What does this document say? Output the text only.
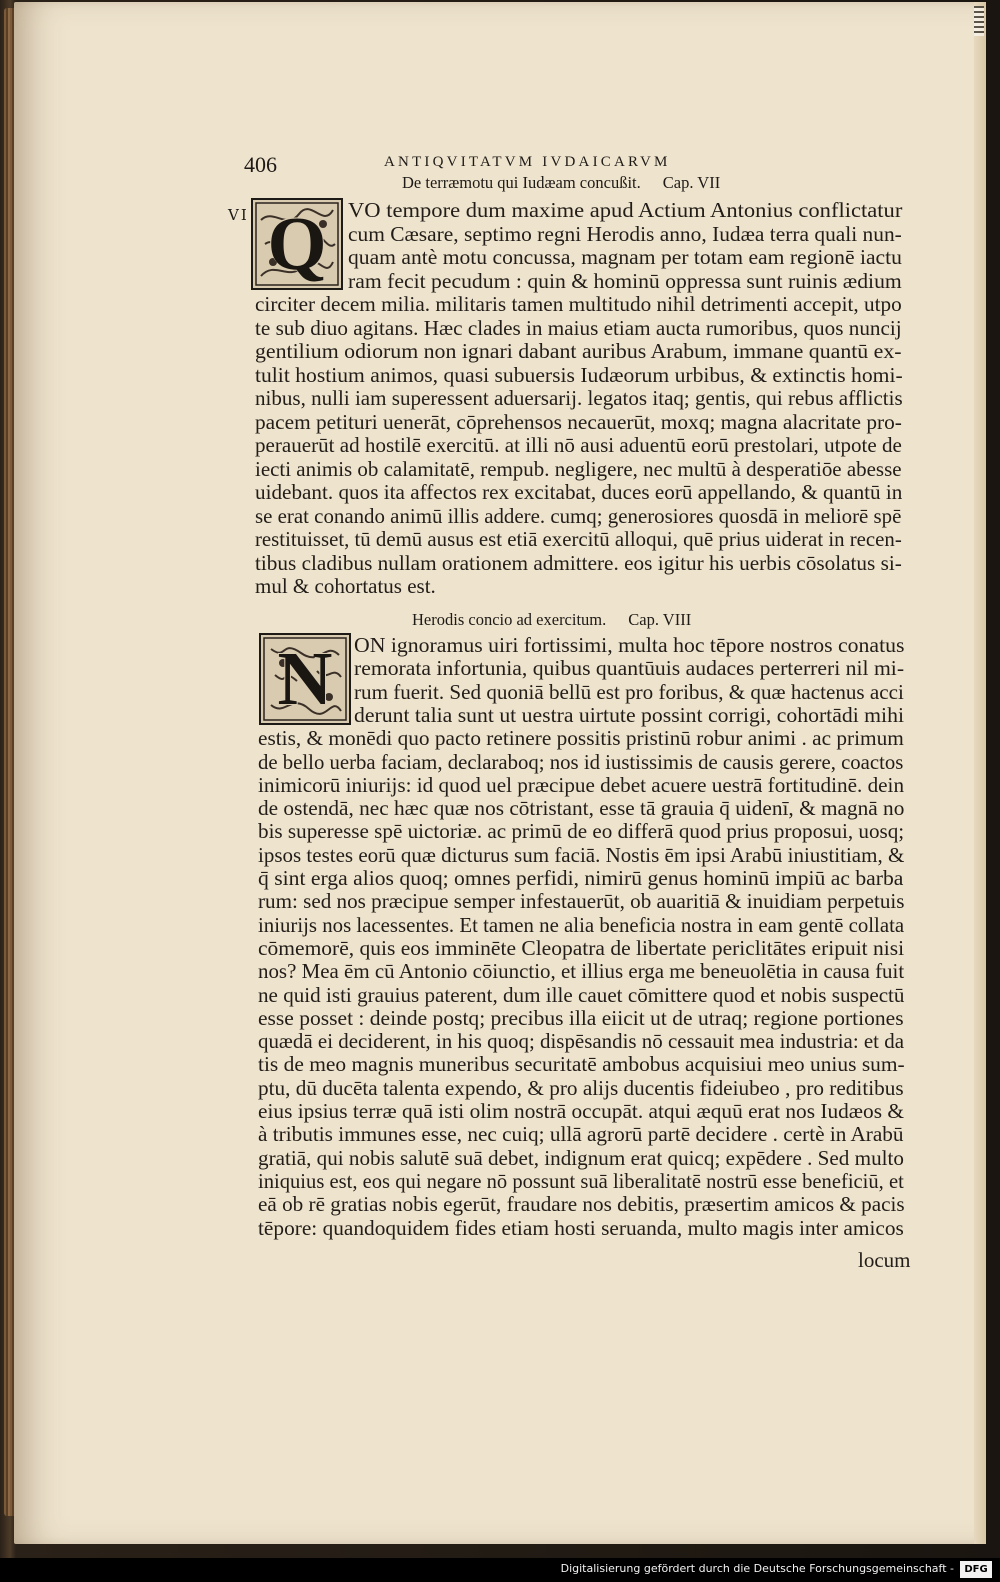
406	ANTIQVITATVM IVDAICARVM
De terræmotu qui Iudæam concußit. Cap. VII
VI Q VO tempore dum maxime apud Actium Antonius conflictatur
cum Cæsare, septimo regni Herodis anno, Iudæa terra quali nun-
quam antè motu concussa, magnam per totam eam regionē iactu
ram fecit pecudum : quin & hominū oppressa sunt ruinis ædium
circiter decem milia. militaris tamen multitudo nihil detrimenti accepit, utpo
te sub diuo agitans. Hæc clades in maius etiam aucta rumoribus, quos nuncij
gentilium odiorum non ignari dabant auribus Arabum, immane quantū ex-
tulit hostium animos, quasi subuersis Iudæorum urbibus, & extinctis homi-
nibus, nulli iam superessent aduersarij. legatos itaq; gentis, qui rebus afflictis
pacem petituri uenerāt, cōprehensos necauerūt, moxq; magna alacritate pro-
perauerūt ad hostilē exercitū. at illi nō ausi aduentū eorū prestolari, utpote de
iecti animis ob calamitatē, rempub. negligere, nec multū à desperatiōe abesse
uidebant. quos ita affectos rex excitabat, duces eorū appellando, & quantū in
se erat conando animū illis addere. cumq; generosiores quosdā in meliorē spē
restituisset, tū demū ausus est etiā exercitū alloqui, quē prius uiderat in recen-
tibus cladibus nullam orationem admittere. eos igitur his uerbis cōsolatus si-
mul & cohortatus est.
Herodis concio ad exercitum. Cap. VIII
N ON ignoramus uiri fortissimi, multa hoc tēpore nostros conatus
remorata infortunia, quibus quantūuis audaces perterreri nil mi-
rum fuerit. Sed quoniā bellū est pro foribus, & quæ hactenus acci
derunt talia sunt ut uestra uirtute possint corrigi, cohortādi mihi
estis, & monēdi quo pacto retinere possitis pristinū robur animi . ac primum
de bello uerba faciam, declaraboq; nos id iustissimis de causis gerere, coactos
inimicorū iniurijs: id quod uel præcipue debet acuere uestrā fortitudinē. dein
de ostendā, nec hæc quæ nos cōtristant, esse tā grauia q̄ uidenī, & magnā no
bis superesse spē uictoriæ. ac primū de eo differā quod prius proposui, uosq;
ipsos testes eorū quæ dicturus sum faciā. Nostis ēm ipsi Arabū iniustitiam, &
q̄ sint erga alios quoq; omnes perfidi, nimirū genus hominū impiū ac barba
rum: sed nos præcipue semper infestauerūt, ob auaritiā & inuidiam perpetuis
iniurijs nos lacessentes. Et tamen ne alia beneficia nostra in eam gentē collata
cōmemorē, quis eos imminēte Cleopatra de libertate periclitātes eripuit nisi
nos? Mea ēm cū Antonio cōiunctio, et illius erga me beneuolētia in causa fuit
ne quid isti grauius paterent, dum ille cauet cōmittere quod et nobis suspectū
esse posset : deinde postq; precibus illa eiicit ut de utraq; regione portiones
quædā ei deciderent, in his quoq; dispēsandis nō cessauit mea industria: et da
tis de meo magnis muneribus securitatē ambobus acquisiui meo unius sum-
ptu, dū ducēta talenta expendo, & pro alijs ducentis fideiubeo , pro reditibus
eius ipsius terræ quā isti olim nostrā occupāt. atqui æquū erat nos Iudæos &
à tributis immunes esse, nec cuiq; ullā agrorū partē decidere . certè in Arabū
gratiā, qui nobis salutē suā debet, indignum erat quicq; expēdere . Sed multo
iniquius est, eos qui negare nō possunt suā liberalitatē nostrū esse beneficiū, et
eā ob rē gratias nobis egerūt, fraudare nos debitis, præsertim amicos & pacis
tēpore: quandoquidem fides etiam hosti seruanda, multo magis inter amicos
locum
Digitalisierung gefördert durch die Deutsche Forschungsgemeinschaft -	DFG
